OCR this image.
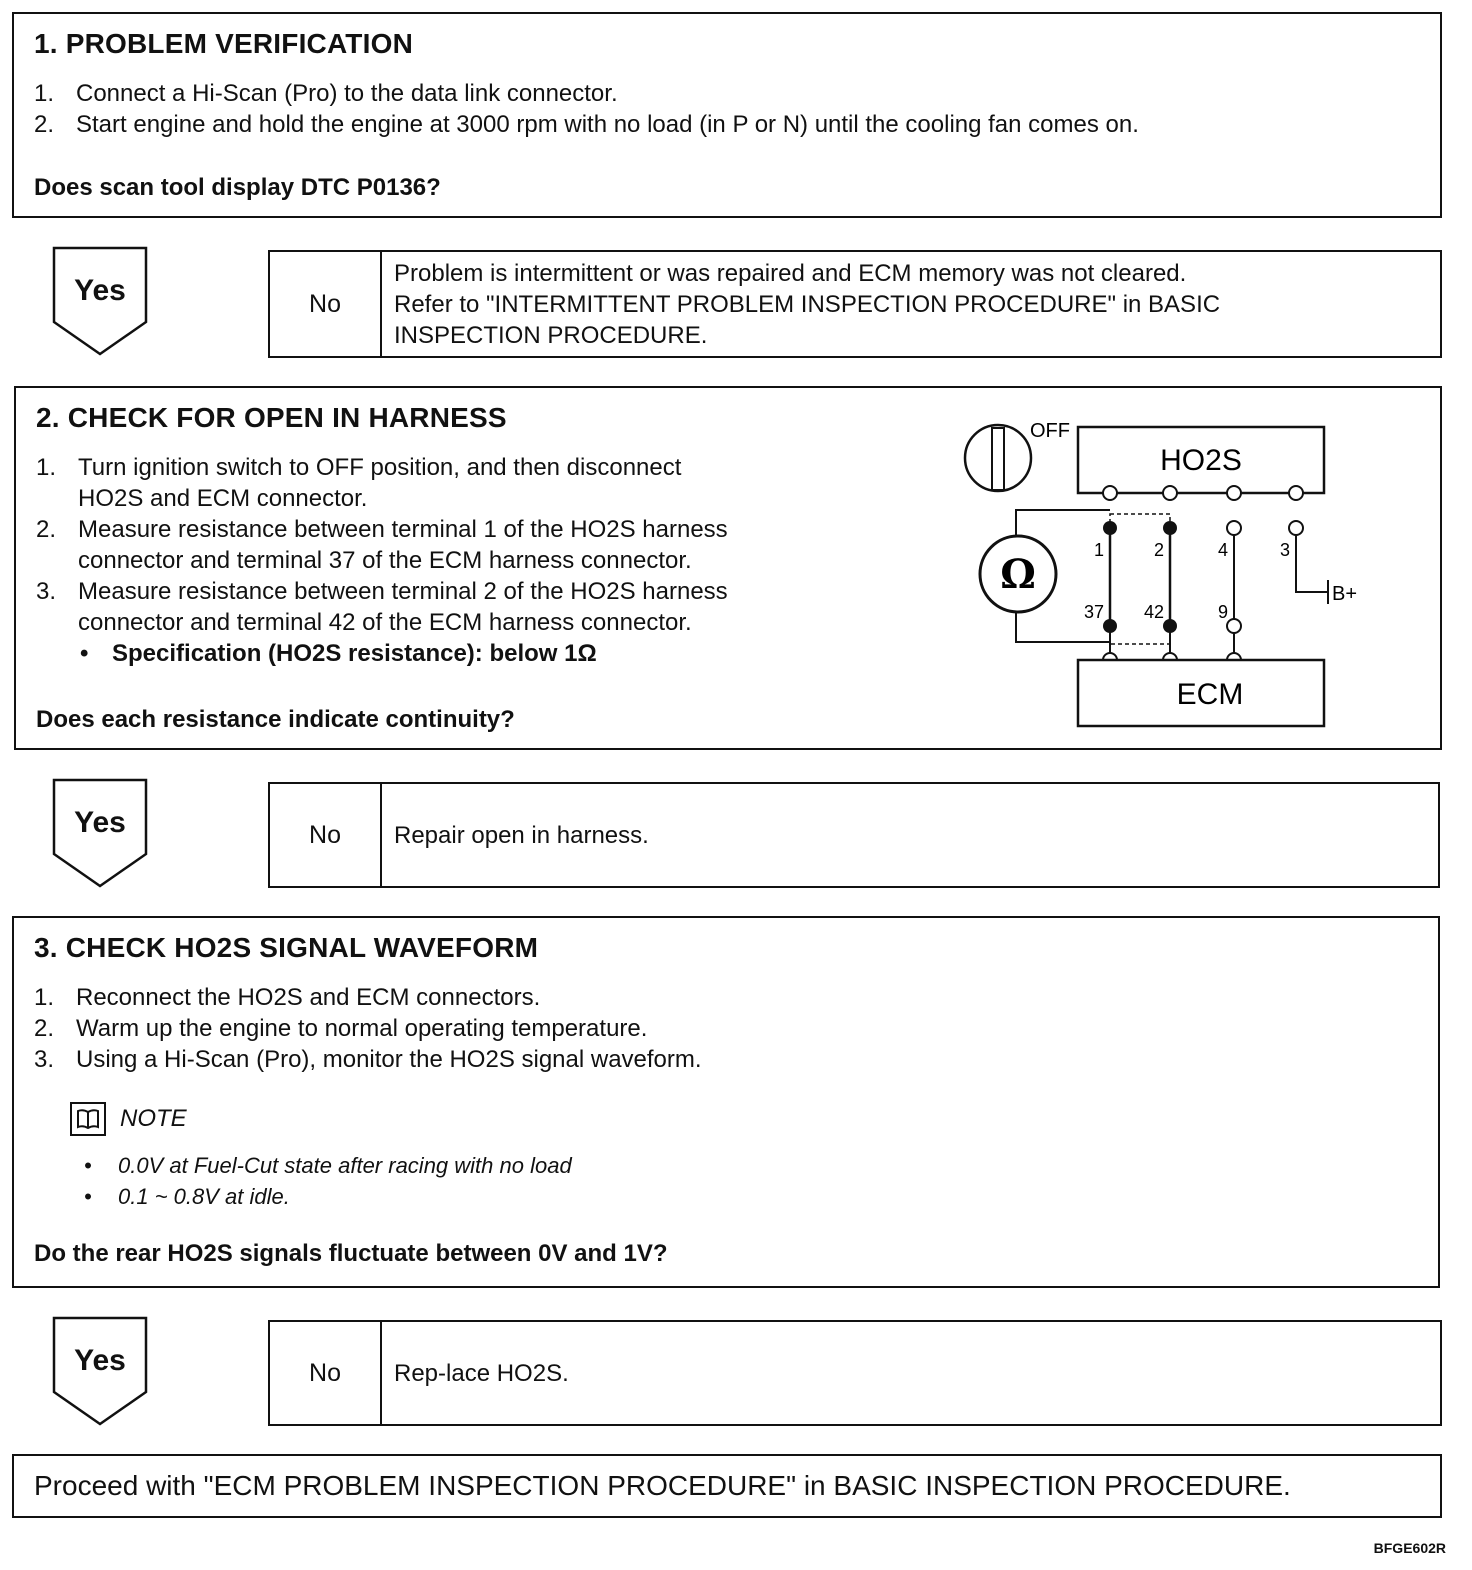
1. PROBLEM VERIFICATION
1. Connect a Hi-Scan (Pro) to the data link connector.
2. Start engine and hold the engine at 3000 rpm with no load (in P or N) until the cooling fan comes on.
Does scan tool display DTC P0136?
Yes	No
Problem is intermittent or was repaired and ECM memory was not cleared.
Refer to "INTERMITTENT PROBLEM INSPECTION PROCEDURE" in BASIC
INSPECTION PROCEDURE.
2. CHECK FOR OPEN IN HARNESS
1. Turn ignition switch to OFF position, and then disconnect
HO2S and ECM connector.
2. Measure resistance between terminal 1 of the HO2S harness
connector and terminal 37 of the ECM harness connector.
3. Measure resistance between terminal 2 of the HO2S harness
connector and terminal 42 of the ECM harness connector.
• Specification (HO2S resistance): below 1Ω
Does each resistance indicate continuity?
OFF
HO2S
Ω	B+
1	2	4	3
37 42	9
ECM
Yes	No	Repair open in harness.
3. CHECK HO2S SIGNAL WAVEFORM
1. Reconnect the HO2S and ECM connectors.
2. Warm up the engine to normal operating temperature.
3. Using a Hi-Scan (Pro), monitor the HO2S signal waveform.
NOTE
• 0.0V at Fuel-Cut state after racing with no load
• 0.1 ~ 0.8V at idle.
Do the rear HO2S signals fluctuate between 0V and 1V?
Yes	No	Rep-lace HO2S.
Proceed with "ECM PROBLEM INSPECTION PROCEDURE" in BASIC INSPECTION PROCEDURE.
BFGE602R
